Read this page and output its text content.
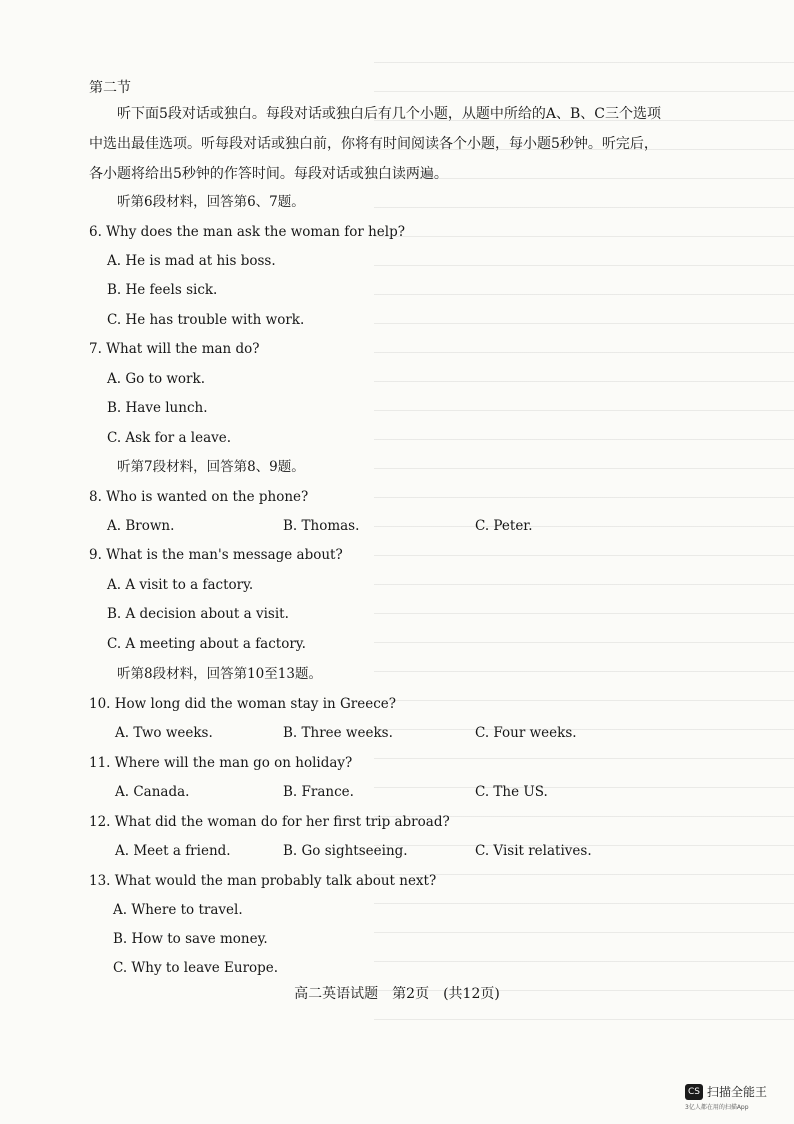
第二节

听下面5段对话或独白。每段对话或独白后有几个小题，从题中所给的A、B、C三个选项

中选出最佳选项。听每段对话或独白前，你将有时间阅读各个小题，每小题5秒钟。听完后，

各小题将给出5秒钟的作答时间。每段对话或独白读两遍。

听第6段材料，回答第6、7题。
6. Why does the man ask the woman for help?
A. He is mad at his boss.
B. He feels sick.
C. He has trouble with work.
7. What will the man do?
A. Go to work.
B. Have lunch.
C. Ask for a leave.
听第7段材料，回答第8、9题。
8. Who is wanted on the phone?
A. Brown.	B. Thomas.	C. Peter.
9. What is the man's message about?
A. A visit to a factory.
B. A decision about a visit.
C. A meeting about a factory.
听第8段材料，回答第10至13题。
10. How long did the woman stay in Greece?
A. Two weeks.	B. Three weeks.	C. Four weeks.
11. Where will the man go on holiday?
A. Canada.	B. France.	C. The US.
12. What did the woman do for her first trip abroad?
A. Meet a friend.	B. Go sightseeing.	C. Visit relatives.
13. What would the man probably talk about next?
A. Where to travel.
B. How to save money.
C. Why to leave Europe.
高二英语试题　第2页　(共12页)
CS 扫描全能王
3亿人都在用的扫描App
